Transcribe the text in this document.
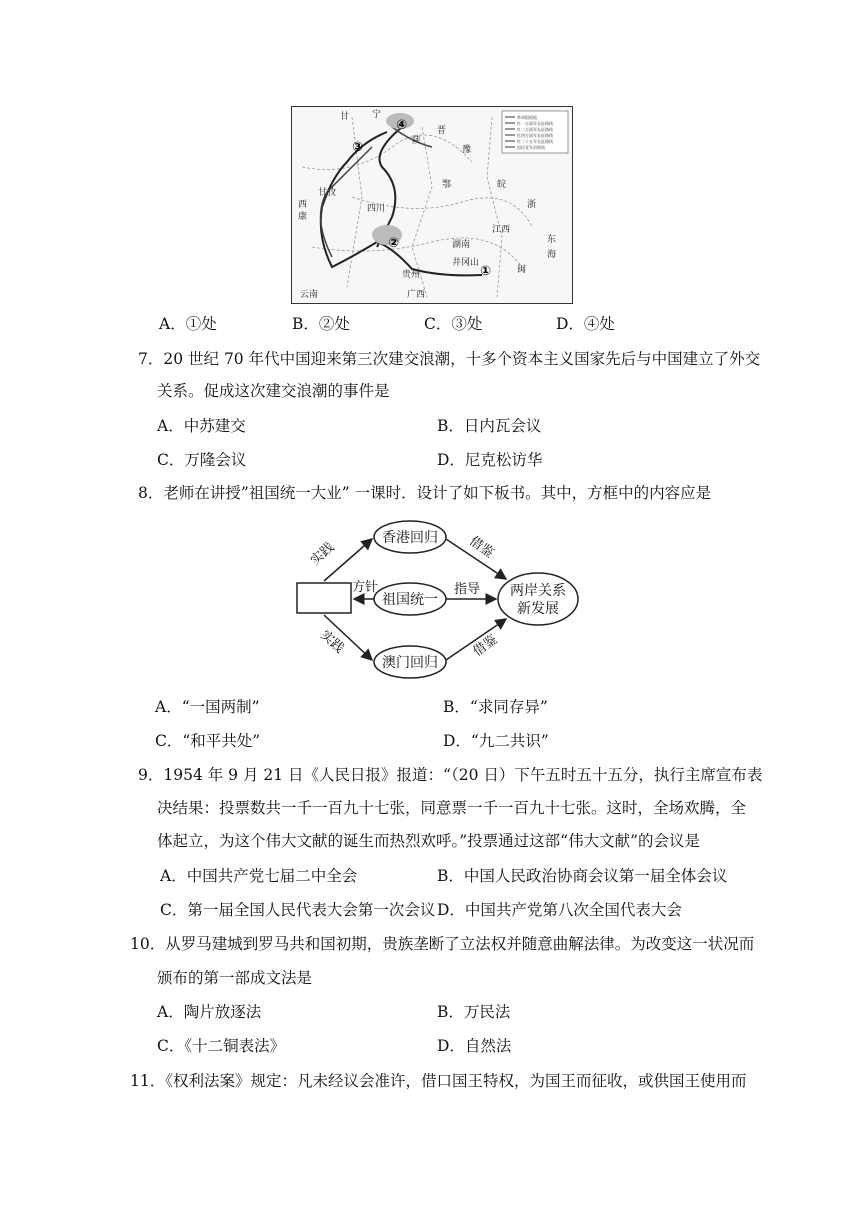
革命根据地
红一方面军长征路线
红二方面军长征路线
红四方面军长征路线
红二十五军长征路线
国民党军封锁线
甘	宁
陕
晋
豫
四川
甘孜
西
康
湖南
江西
井冈山
贵州
云南	广西
东
海
鄂	皖
浙
闽
①
②
③
④
A．①处	B．②处	C．③处	D．④处
7．20 世纪 70 年代中国迎来第三次建交浪潮，十多个资本主义国家先后与中国建立了外交
关系。促成这次建交浪潮的事件是
A．中苏建交	B．日内瓦会议
C．万隆会议	D．尼克松访华
8．老师在讲授”祖国统一大业” 一课时．设计了如下板书。其中，方框中的内容应是
香港回归
祖国统一
澳门回归
两岸关系
新发展
实践
实践
方针	指导
借鉴
借鉴
A．“一国两制”	B．“求同存异”
C．“和平共处”	D．“九二共识”
9．1954 年 9 月 21 日《人民日报》报道：“（20 日）下午五时五十五分，执行主席宣布表
决结果：投票数共一千一百九十七张，同意票一千一百九十七张。这时，全场欢腾，全
体起立，为这个伟大文献的诞生而热烈欢呼。”投票通过这部“伟大文献”的会议是
A．中国共产党七届二中全会	B．中国人民政治协商会议第一届全体会议
C．第一届全国人民代表大会第一次会议 D．中国共产党第八次全国代表大会
10．从罗马建城到罗马共和国初期，贵族垄断了立法权并随意曲解法律。为改变这一状况而
颁布的第一部成文法是
A．陶片放逐法	B．万民法
C．《十二铜表法》	D．自然法
11．《权利法案》规定：凡未经议会准许，借口国王特权，为国王而征收，或供国王使用而
